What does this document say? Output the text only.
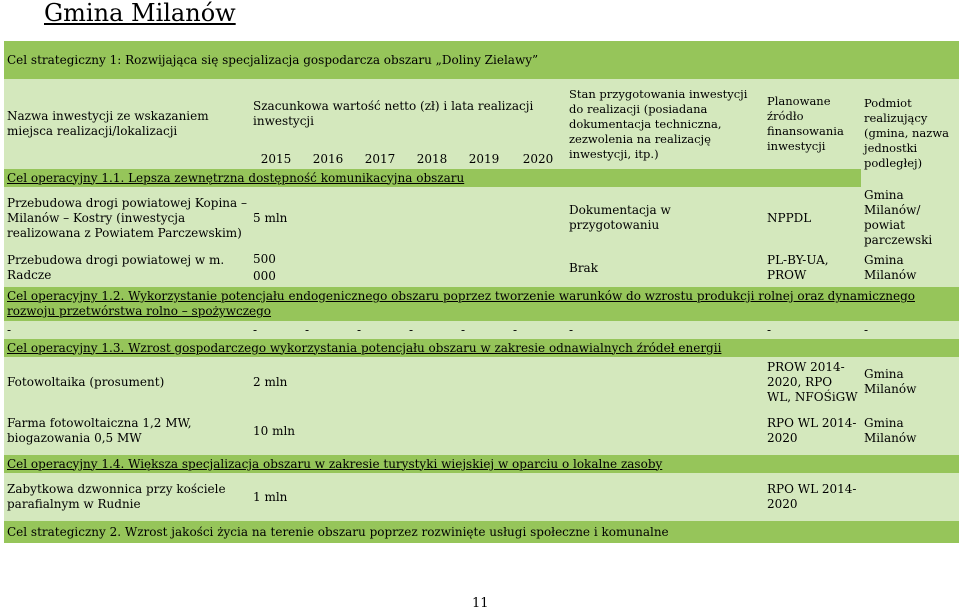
Gmina Milanów
Cel strategiczny 1: Rozwijająca się specjalizacja gospodarcza obszaru „Doliny Zielawy”									
Nazwa inwestycji ze wskazaniem miejsca realizacji/lokalizacji	Szacunkowa wartość netto (zł) i lata realizacji inwestycji						Stan przygotowania inwestycji do realizacji (posiadana dokumentacja techniczna, zezwolenia na realizację inwestycji, itp.)	Planowane źródło finansowania inwestycji	Podmiot realizujący (gmina, nazwa jednostki podległej)
	2015	2016	2017	2018	2019	2020			
Cel operacyjny 1.1. Lepsza zewnętrzna dostępność komunikacyjna obszaru									
Przebudowa drogi powiatowej Kopina – Milanów – Kostry (inwestycja realizowana z Powiatem Parczewskim)	5 mln						Dokumentacja w przygotowaniu	NPPDL	Gmina Milanów/ powiat parczewski
Przebudowa drogi powiatowej w m. Radcze	500 000						Brak	PL-BY-UA, PROW	Gmina Milanów
Cel operacyjny 1.2. Wykorzystanie potencjału endogenicznego obszaru poprzez tworzenie warunków do wzrostu produkcji rolnej oraz dynamicznego rozwoju przetwórstwa rolno – spożywczego									
-	-	-	-	-	-	-	-	-	-
Cel operacyjny 1.3. Wzrost gospodarczego wykorzystania potencjału obszaru w zakresie odnawialnych źródeł energii									
Fotowoltaika (prosument)	2 mln							PROW 2014-2020, RPO WL, NFOŚiGW	Gmina Milanów
Farma fotowoltaiczna 1,2 MW, biogazowania 0,5 MW	10 mln							RPO WL 2014-2020	Gmina Milanów
Cel operacyjny 1.4. Większa specjalizacja obszaru w zakresie turystyki wiejskiej w oparciu o lokalne zasoby									
Zabytkowa dzwonnica przy kościele parafialnym w Rudnie	1 mln							RPO WL 2014-2020	
Cel strategiczny 2. Wzrost jakości życia na terenie obszaru poprzez rozwinięte usługi społeczne i komunalne									
11
